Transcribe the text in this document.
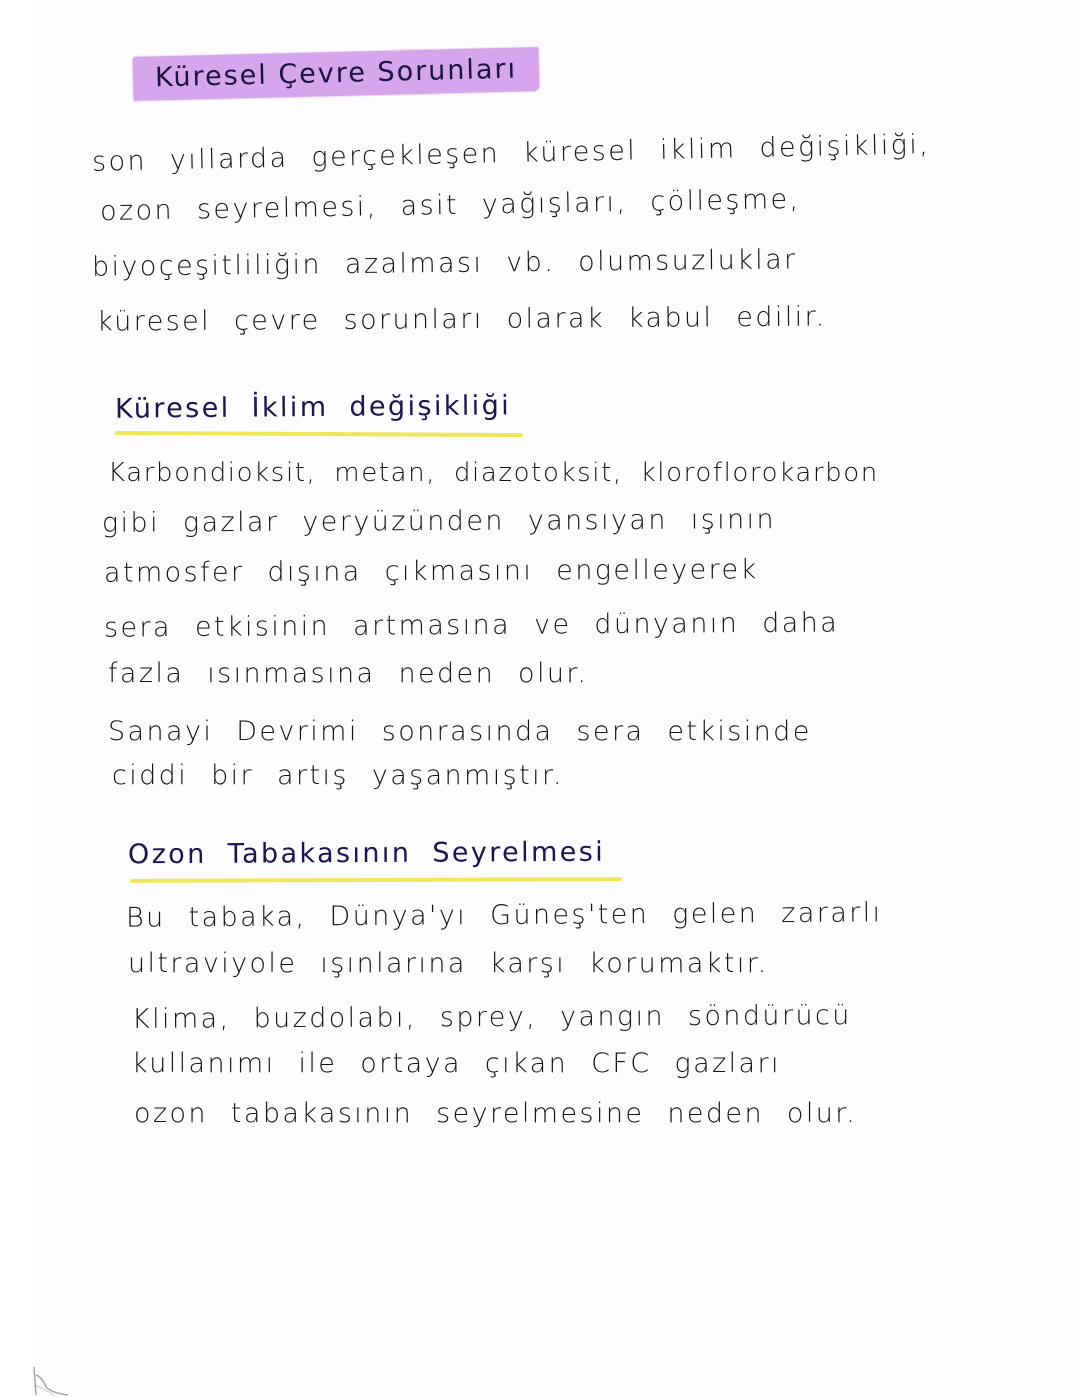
Küresel Çevre Sorunları
son yıllarda gerçekleşen küresel iklim değişikliği,
ozon seyrelmesi, asit yağışları, çölleşme,
biyoçeşitliliğin azalması vb. olumsuzluklar
küresel çevre sorunları olarak kabul edilir.
Küresel İklim değişikliği
Karbondioksit, metan, diazotoksit, kloroflorokarbon
gibi gazlar yeryüzünden yansıyan ışının
atmosfer dışına çıkmasını engelleyerek
sera etkisinin artmasına ve dünyanın daha
fazla ısınmasına neden olur.
Sanayi Devrimi sonrasında sera etkisinde
ciddi bir artış yaşanmıştır.
Ozon Tabakasının Seyrelmesi
Bu tabaka, Dünya'yı Güneş'ten gelen zararlı
ultraviyole ışınlarına karşı korumaktır.
Klima, buzdolabı, sprey, yangın söndürücü
kullanımı ile ortaya çıkan CFC gazları
ozon tabakasının seyrelmesine neden olur.
